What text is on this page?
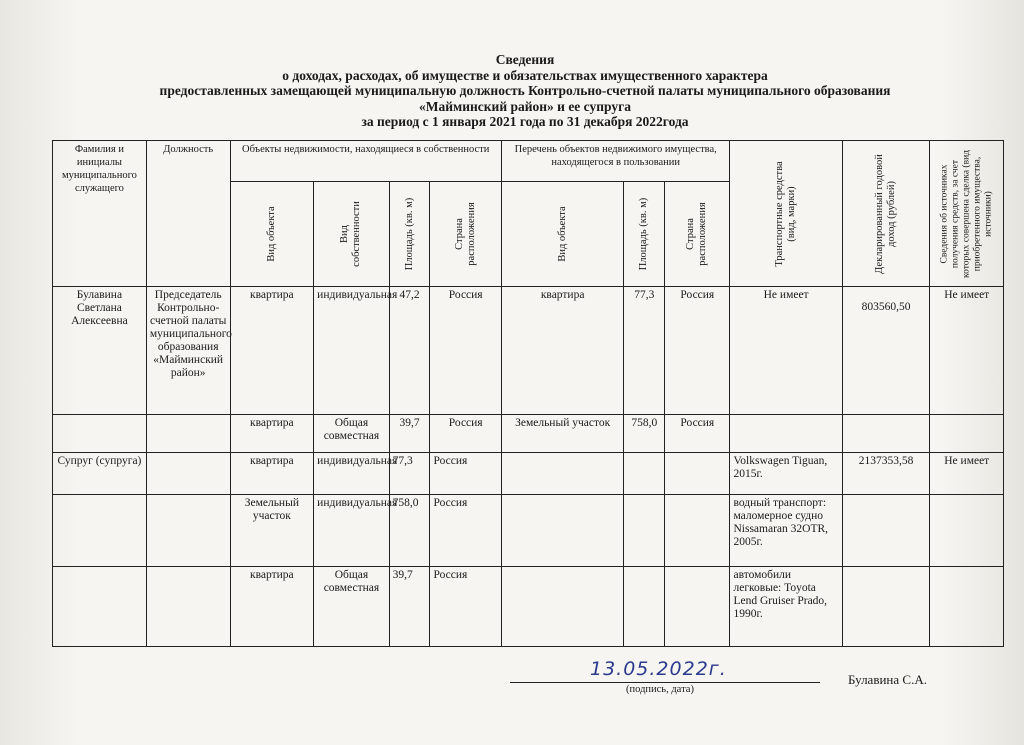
Сведения
о доходах, расходах, об имуществе и обязательствах имущественного характера
предоставленных замещающей муниципальную должность Контрольно-счетной палаты муниципального образования
«Майминский район» и ее супруга
за период с 1 января 2021 года по 31 декабря 2022года
Фамилия и инициалы муниципального служащего	Должность	Объекты недвижимости, находящиеся в собственности				Перечень объектов недвижимого имущества, находящегося в пользовании			Транспортные средства (вид, марки)	Декларированный годовой доход (рублей)	Сведения об источниках получения средств, за счет которых совершена сделка (вид приобретенного имущества, источники)

		Вид объекта	Вид собственности	Площадь (кв. м)	Страна расположения	Вид объекта	Площадь (кв. м)	Страна расположения			

Булавина Светлана Алексеевна	Председатель Контрольно-счетной палаты муниципального образования «Майминский район»	квартира	индивидуальная	47,2	Россия	квартира	77,3	Россия	Не имеет	803560,50	Не имеет
		квартира	Общая совместная	39,7	Россия	Земельный участок	758,0	Россия			
Супруг (супруга)		квартира	индивидуальная	77,3	Россия				Volkswagen Tiguan, 2015г.	2137353,58	Не имеет
		Земельный участок	индивидуальная	758,0	Россия				водный транспорт: маломерное судно Nissamaran 32OTR, 2005г.		
		квартира	Общая совместная	39,7	Россия				автомобили легковые: Toyota Lend Gruiser Prado, 1990г.		
13.05.2022г.
(подпись, дата)
Булавина С.А.
